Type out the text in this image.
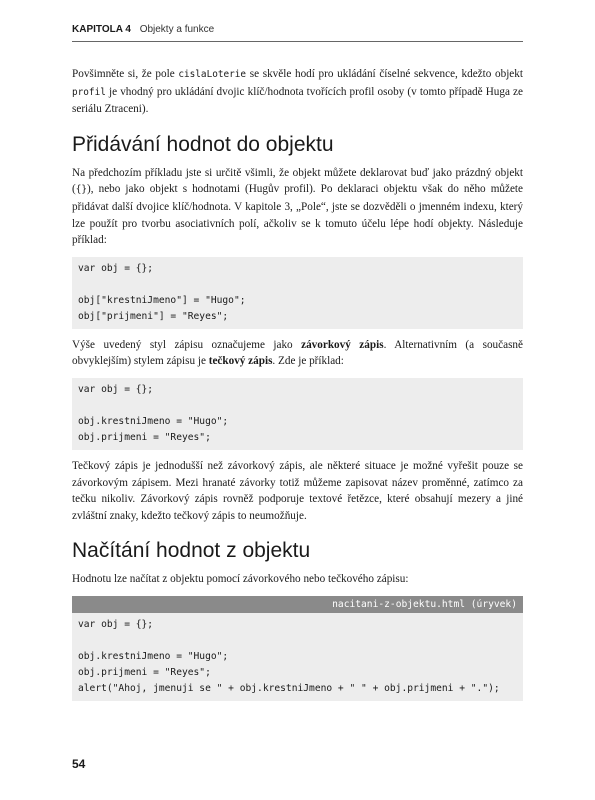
KAPITOLA 4 Objekty a funkce

Povšimněte si, že pole cislaLoterie se skvěle hodí pro ukládání číselné sekvence, kdežto objekt profil je vhodný pro ukládání dvojic klíč/hodnota tvořících profil osoby (v tomto případě Huga ze seriálu Ztraceni).

Přidávání hodnot do objektu

Na předchozím příkladu jste si určitě všimli, že objekt můžete deklarovat buď jako prázdný objekt ({}), nebo jako objekt s hodnotami (Hugův profil). Po deklaraci objektu však do něho můžete přidávat další dvojice klíč/hodnota. V kapitole 3, „Pole“, jste se dozvěděli o jmenném indexu, který lze použít pro tvorbu asociativních polí, ačkoliv se k tomuto účelu lépe hodí objekty. Následuje příklad:

var obj = {};

obj["krestniJmeno"] = "Hugo";
obj["prijmeni"] = "Reyes";

Výše uvedený styl zápisu označujeme jako závorkový zápis. Alternativním (a současně obvyklejším) stylem zápisu je tečkový zápis. Zde je příklad:

var obj = {};

obj.krestniJmeno = "Hugo";
obj.prijmeni = "Reyes";

Tečkový zápis je jednodušší než závorkový zápis, ale některé situace je možné vyřešit pouze se závorkovým zápisem. Mezi hranaté závorky totiž můžeme zapisovat název proměnné, zatímco za tečku nikoliv. Závorkový zápis rovněž podporuje textové řetězce, které obsahují mezery a jiné zvláštní znaky, kdežto tečkový zápis to neumožňuje.

Načítání hodnot z objektu

Hodnotu lze načítat z objektu pomocí závorkového nebo tečkového zápisu:

nacitani-z-objektu.html (úryvek)
var obj = {};

obj.krestniJmeno = "Hugo";
obj.prijmeni = "Reyes";
alert("Ahoj, jmenuji se " + obj.krestniJmeno + " " + obj.prijmeni + ".");
54
